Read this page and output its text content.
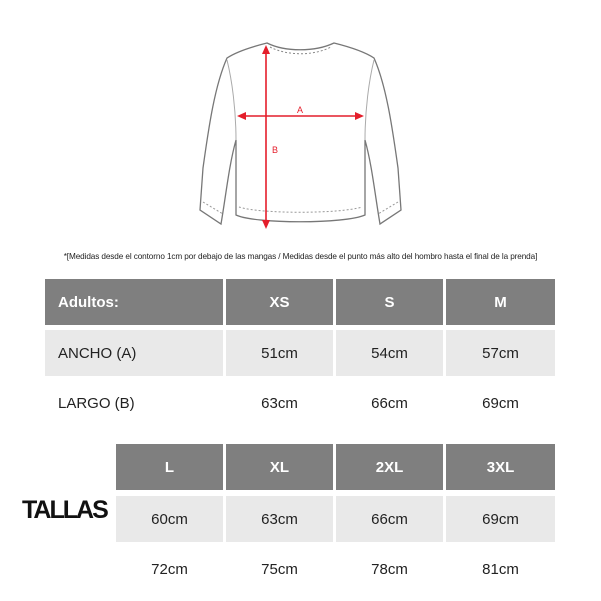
A
B
*[Medidas desde el contorno 1cm por debajo de las mangas / Medidas desde el punto más alto del hombro hasta el final de la prenda]
Adultos:	XS	S	M
ANCHO (A)	51cm	54cm	57cm
LARGO (B)	63cm	66cm	69cm
TALLAS
L	XL	2XL	3XL
60cm	63cm	66cm	69cm
72cm	75cm	78cm	81cm
